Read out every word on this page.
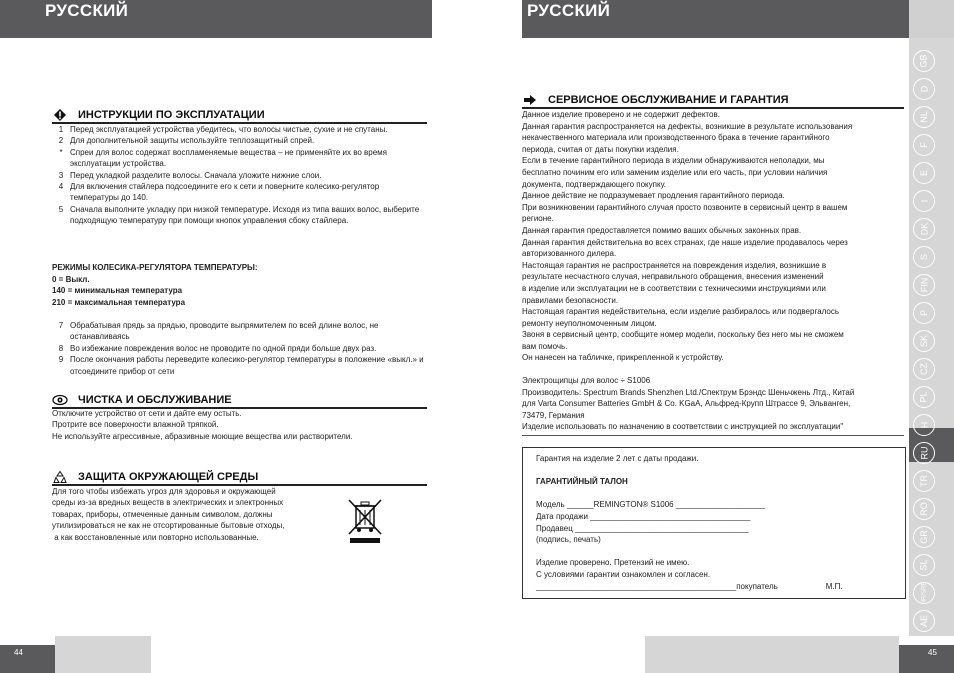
РУССКИЙ
ИНСТРУКЦИИ ПО ЭКСПЛУАТАЦИИ
1 Перед эксплуатацией устройства убедитесь, что волосы чистые, сухие и не спутаны.
2 Для дополнительной защиты используйте теплозащитный спрей.
* Спреи для волос содержат воспламеняемые вещества – не применяйте их во время эксплуатации устройства.
3 Перед укладкой разделите волосы. Сначала уложите нижние слои.
4 Для включения стайлера подсоедините его к сети и поверните колесико-регулятор температуры до 140.
5 Сначала выполните укладку при низкой температуре. Исходя из типа ваших волос, выберите подходящую температуру при помощи кнопок управления сбоку стайлера.

РЕЖИМЫ КОЛЕСИКА-РЕГУЛЯТОРА ТЕМПЕРАТУРЫ:

0 = Выкл.

140 = минимальная температура

210 = максимальная температура

7 Обрабатывая прядь за прядью, проводите выпрямителем по всей длине волос, не останавливаясь
8 Во избежание повреждения волос не проводите по одной пряди больше двух раз.
9 После окончания работы переведите колесико-регулятор температуры в положение «выкл.» и отсоедините прибор от сети
ЧИСТКА И ОБСЛУЖИВАНИЕ

Отключите устройство от сети и дайте ему остыть.

Протрите все поверхности влажной тряпкой.

Не используйте агрессивные, абразивные моющие вещества или растворители.

ЗАЩИТА ОКРУЖАЮЩЕЙ СРЕДЫ

Для того чтобы избежать угроз для здоровья и окружающей

среды из-за вредных веществ в электрических и электронных

товарах, приборы, отмеченные данным символом, должны

утилизироваться не как не отсортированные бытовые отходы,

а как восстановленные или повторно использованные.

44
РУССКИЙ
СЕРВИСНОЕ ОБСЛУЖИВАНИЕ И ГАРАНТИЯ

Данное изделие проверено и не содержит дефектов.

Данная гарантия распространяется на дефекты, возникшие в результате использования

некачественного материала или производственного брака в течение гарантийного

периода, считая от даты покупки изделия.

Если в течение гарантийного периода в изделии обнаруживаются неполадки, мы

бесплатно починим его или заменим изделие или его часть, при условии наличия

документа, подтверждающего покупку.

Данное действие не подразумевает продления гарантийного периода.

При возникновении гарантийного случая просто позвоните в сервисный центр в вашем

регионе.

Данная гарантия предоставляется помимо ваших обычных законных прав.

Данная гарантия действительна во всех странах, где наше изделие продавалось через

авторизованного дилера.

Настоящая гарантия не распространяется на повреждения изделия, возникшие в

результате несчастного случая, неправильного обращения, внесения изменений

в изделие или эксплуатации не в соответствии с техническими инструкциями или

правилами безопасности.

Настоящая гарантия недействительна, если изделие разбиралось или подвергалось

ремонту неуполномоченным лицом.

Звоня в сервисный центр, сообщите номер модели, поскольку без него мы не сможем

вам помочь.

Он нанесен на табличке, прикрепленной к устройству.

Электрощипцы для волос ÷ S1006

Производитель: Spectrum Brands Shenzhen Ltd./Спектрум Брэндс Шеньчжень Лтд., Китай

для Varta Consumer Batteries GmbH & Co. KGaA, Альфред-Крупп Штрассе 9, Эльванген,

73479, Германия

Изделие использовать по назначению в соответствии с инструкцией по эксплуатации"

Гарантия на изделие 2 лет с даты продажи.

ГАРАНТИЙНЫЙ ТАЛОН

Модель ______REMINGTON® S1006 ____________________

Дата продажи ____________________________________

Продавец _______________________________________

(подпись, печать)

Изделие проверено. Претензий не имею.

С условиями гарантии ознакомлен и согласен.

_____________________________________________покупатель	М.П.

45
GB
D
NL
F
E
I
DK
S
FIN
P
SK
CZ
PL
H
RU
TR
RO
GR
SL
HR/SRB
AE
